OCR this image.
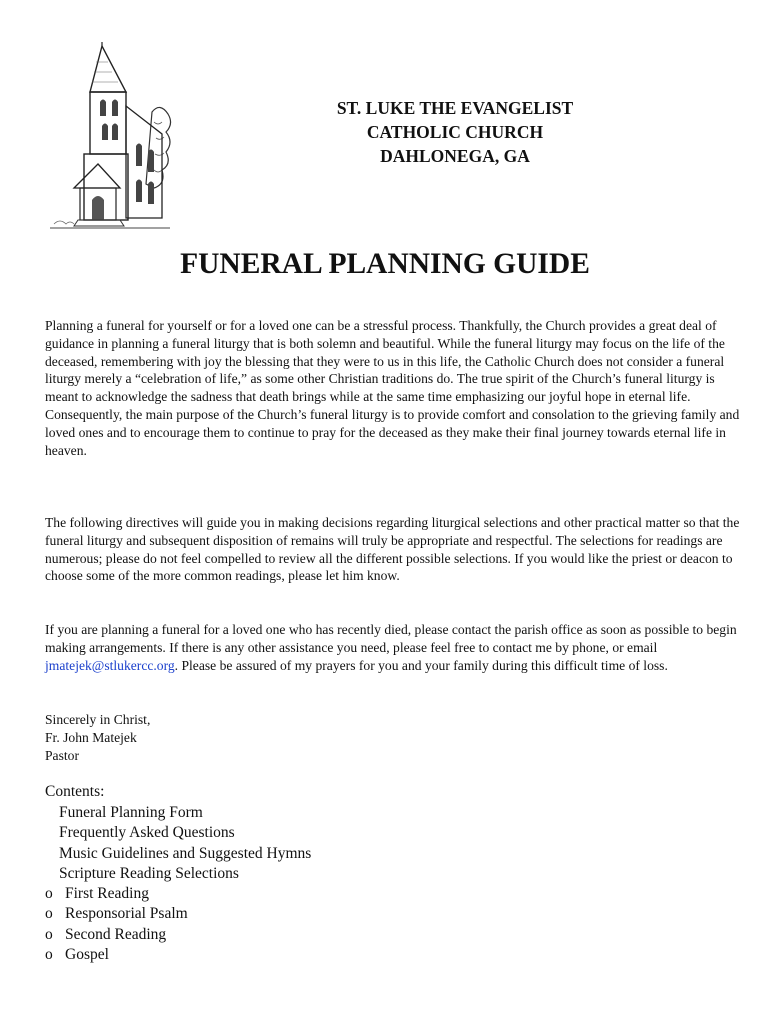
ST. LUKE THE EVANGELIST
CATHOLIC CHURCH
DAHLONEGA, GA
FUNERAL PLANNING GUIDE

Planning a funeral for yourself or for a loved one can be a stressful process. Thankfully, the Church provides a great deal of guidance in planning a funeral liturgy that is both solemn and beautiful. While the funeral liturgy may focus on the life of the deceased, remembering with joy the blessing that they were to us in this life, the Catholic Church does not consider a funeral liturgy merely a “celebration of life,” as some other Christian traditions do. The true spirit of the Church’s funeral liturgy is meant to acknowledge the sadness that death brings while at the same time emphasizing our joyful hope in eternal life. Consequently, the main purpose of the Church’s funeral liturgy is to provide comfort and consolation to the grieving family and loved ones and to encourage them to continue to pray for the deceased as they make their final journey towards eternal life in heaven.

The following directives will guide you in making decisions regarding liturgical selections and other practical matter so that the funeral liturgy and subsequent disposition of remains will truly be appropriate and respectful. The selections for readings are numerous; please do not feel compelled to review all the different possible selections. If you would like the priest or deacon to choose some of the more common readings, please let him know.

If you are planning a funeral for a loved one who has recently died, please contact the parish office as soon as possible to begin making arrangements. If there is any other assistance you need, please feel free to contact me by phone, or email jmatejek@stlukercc.org. Please be assured of my prayers for you and your family during this difficult time of loss.

Sincerely in Christ,
Fr. John Matejek
Pastor
Contents:
Funeral Planning Form
Frequently Asked Questions
Music Guidelines and Suggested Hymns
Scripture Reading Selections
o First Reading
o Responsorial Psalm
o Second Reading
o Gospel
